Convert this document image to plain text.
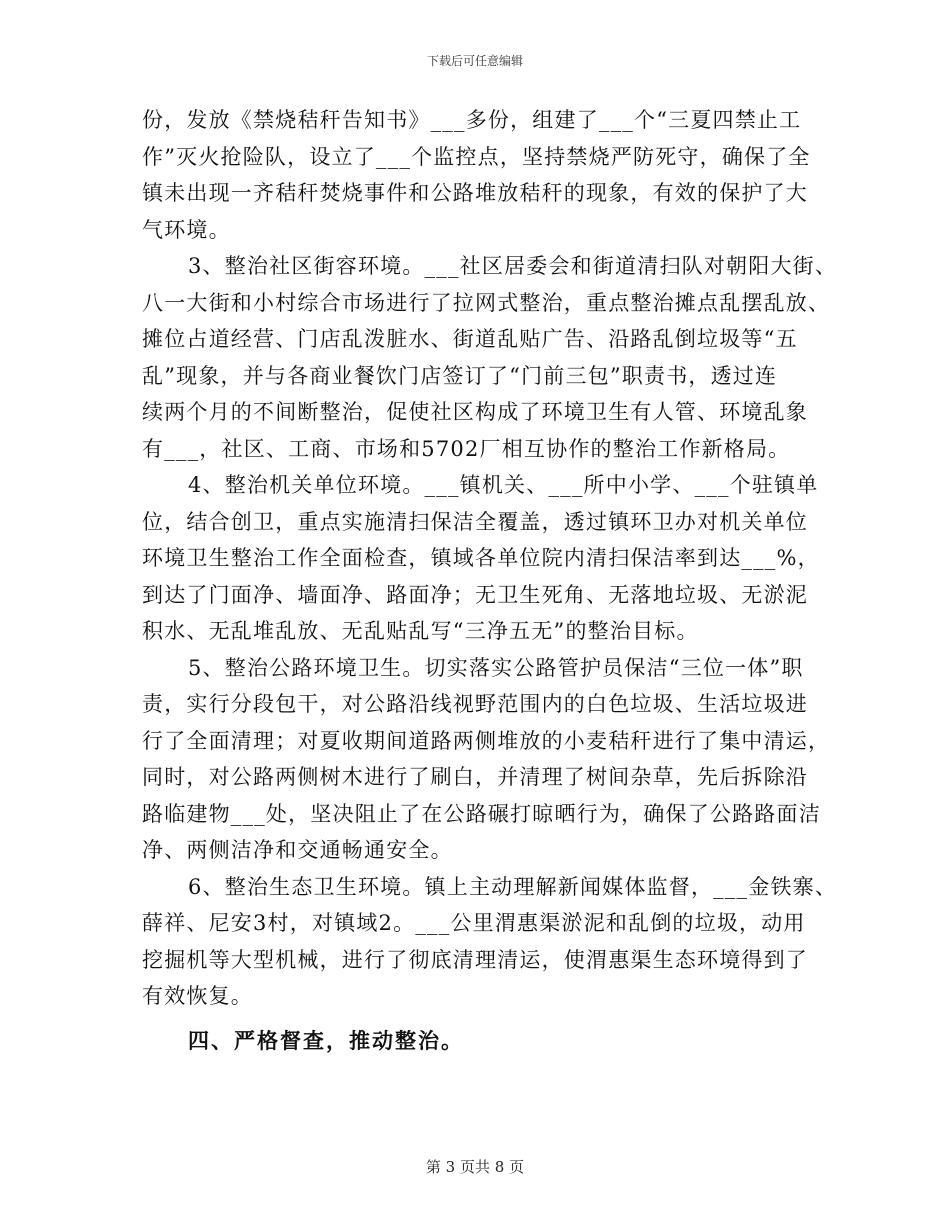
下载后可任意编辑
份，发放《禁烧秸秆告知书》___多份，组建了___个“三夏四禁止工
作”灭火抢险队，设立了___个监控点，坚持禁烧严防死守，确保了全
镇未出现一齐秸秆焚烧事件和公路堆放秸秆的现象，有效的保护了大
气环境。
3、整治社区街容环境。___社区居委会和街道清扫队对朝阳大街、
八一大街和小村综合市场进行了拉网式整治，重点整治摊点乱摆乱放、
摊位占道经营、门店乱泼脏水、街道乱贴广告、沿路乱倒垃圾等“五
乱”现象，并与各商业餐饮门店签订了“门前三包”职责书，透过连
续两个月的不间断整治，促使社区构成了环境卫生有人管、环境乱象
有___，社区、工商、市场和5702厂相互协作的整治工作新格局。
4、整治机关单位环境。___镇机关、___所中小学、___个驻镇单
位，结合创卫，重点实施清扫保洁全覆盖，透过镇环卫办对机关单位
环境卫生整治工作全面检查，镇域各单位院内清扫保洁率到达___%，
到达了门面净、墙面净、路面净；无卫生死角、无落地垃圾、无淤泥
积水、无乱堆乱放、无乱贴乱写“三净五无”的整治目标。
5、整治公路环境卫生。切实落实公路管护员保洁“三位一体”职
责，实行分段包干，对公路沿线视野范围内的白色垃圾、生活垃圾进
行了全面清理；对夏收期间道路两侧堆放的小麦秸秆进行了集中清运，
同时，对公路两侧树木进行了刷白，并清理了树间杂草，先后拆除沿
路临建物___处，坚决阻止了在公路碾打晾晒行为，确保了公路路面洁
净、两侧洁净和交通畅通安全。
6、整治生态卫生环境。镇上主动理解新闻媒体监督，___金铁寨、
薛祥、尼安3村，对镇域2。___公里渭惠渠淤泥和乱倒的垃圾，动用
挖掘机等大型机械，进行了彻底清理清运，使渭惠渠生态环境得到了
有效恢复。
四、严格督查，推动整治。
第 3 页共 8 页
